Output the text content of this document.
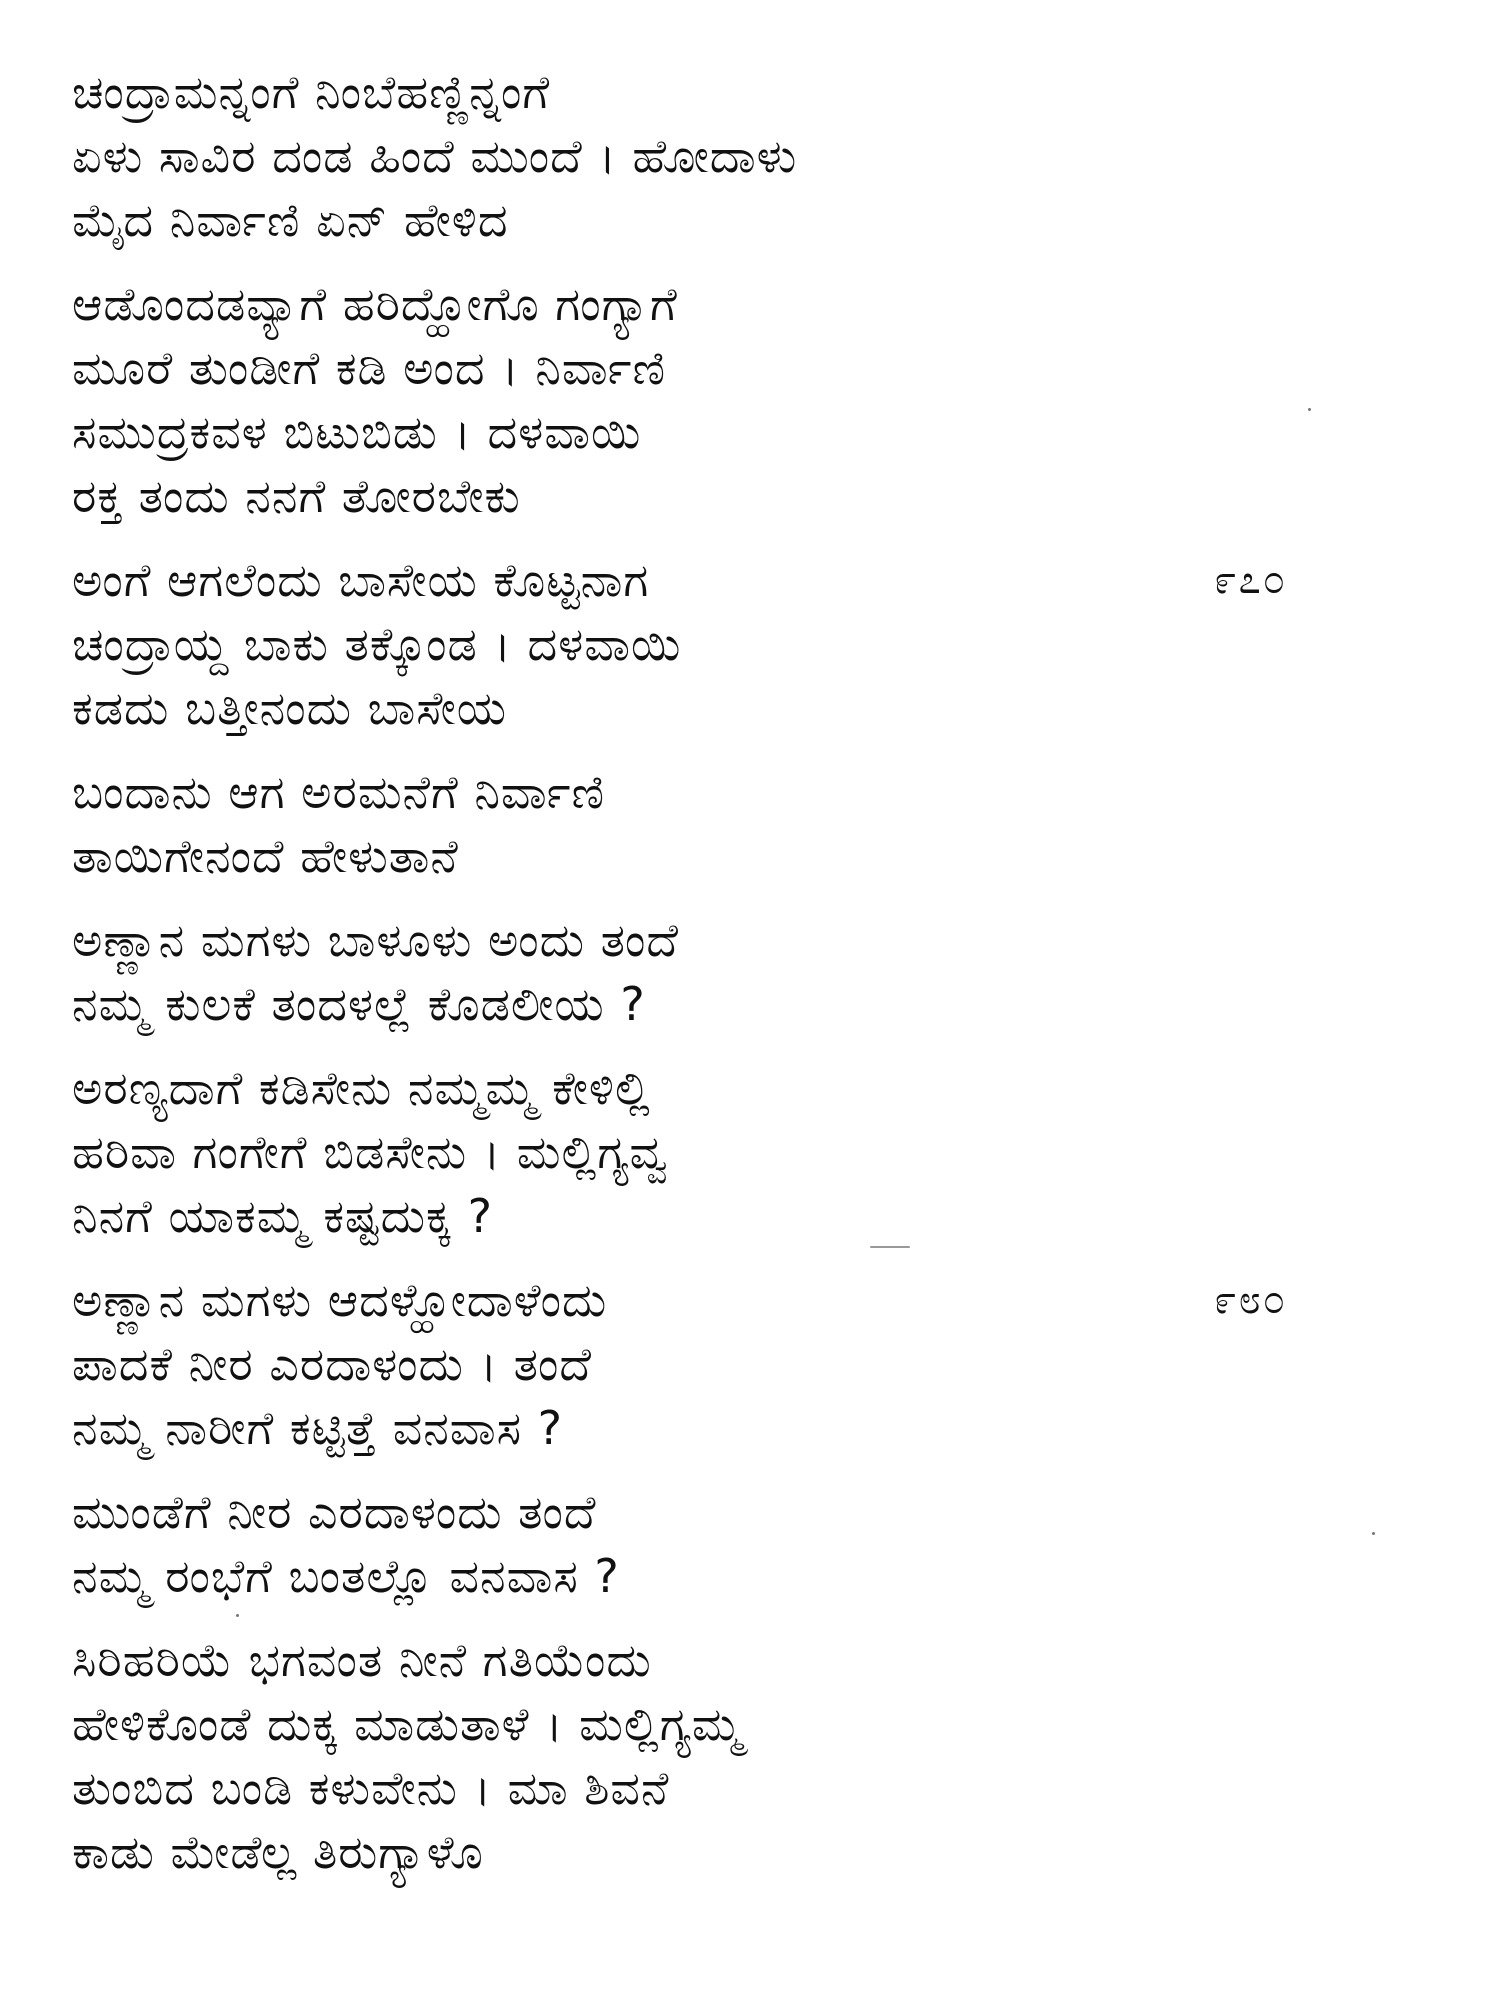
ಚಂದ್ರಾಮನ್ನಂಗೆ ನಿಂಬೆಹಣ್ಣಿನ್ನಂಗೆ
ಏಳು ಸಾವಿರ ದಂಡ ಹಿಂದೆ ಮುಂದೆ । ಹೋದಾಳು
ಮೈದ ನಿರ್ವಾಣಿ ಏನ್ ಹೇಳಿದ
ಆಡೊಂದಡವ್ಯಾಗೆ ಹರಿದ್ಹೋಗೊ ಗಂಗ್ಯಾಗೆ
ಮೂರೆ ತುಂಡೀಗೆ ಕಡಿ ಅಂದ । ನಿರ್ವಾಣಿ
ಸಮುದ್ರಕವಳ ಬಿಟುಬಿಡು । ದಳವಾಯಿ
ರಕ್ತ ತಂದು ನನಗೆ ತೋರಬೇಕು
ಅಂಗೆ ಆಗಲೆಂದು ಬಾಸೇಯ ಕೊಟ್ಟನಾಗ	೯೭೦
ಚಂದ್ರಾಯ್ದ ಬಾಕು ತಕ್ಕೊಂಡ । ದಳವಾಯಿ
ಕಡದು ಬತ್ತೀನಂದು ಬಾಸೇಯ
ಬಂದಾನು ಆಗ ಅರಮನೆಗೆ ನಿರ್ವಾಣಿ
ತಾಯಿಗೇನಂದೆ ಹೇಳುತಾನೆ
ಅಣ್ಣಾನ ಮಗಳು ಬಾಳೂಳು ಅಂದು ತಂದೆ
ನಮ್ಮ ಕುಲಕೆ ತಂದಳಲ್ಲೆ ಕೊಡಲೀಯ ?
ಅರಣ್ಯದಾಗೆ ಕಡಿಸೇನು ನಮ್ಮಮ್ಮ ಕೇಳಿಲ್ಲಿ
ಹರಿವಾ ಗಂಗೇಗೆ ಬಿಡಸೇನು । ಮಲ್ಲಿಗ್ಯವ್ವ
ನಿನಗೆ ಯಾಕಮ್ಮ ಕಷ್ಟದುಕ್ಕ ?
ಅಣ್ಣಾನ ಮಗಳು ಆದಳ್ಹೋದಾಳೆಂದು	೯೮೦
ಪಾದಕೆ ನೀರ ಎರದಾಳಂದು । ತಂದೆ
ನಮ್ಮ ನಾರೀಗೆ ಕಟ್ಟಿತ್ತೆ ವನವಾಸ ?
ಮುಂಡೆಗೆ ನೀರ ಎರದಾಳಂದು ತಂದೆ
ನಮ್ಮ ರಂಭೆಗೆ ಬಂತಲ್ಲೊ ವನವಾಸ ?
ಸಿರಿಹರಿಯೆ ಭಗವಂತ ನೀನೆ ಗತಿಯೆಂದು
ಹೇಳಿಕೊಂಡೆ ದುಕ್ಕ ಮಾಡುತಾಳೆ । ಮಲ್ಲಿಗ್ಯಮ್ಮ
ತುಂಬಿದ ಬಂಡಿ ಕಳುವೇನು । ಮಾ ಶಿವನೆ
ಕಾಡು ಮೇಡೆಲ್ಲ ತಿರುಗ್ಯಾಳೊ
